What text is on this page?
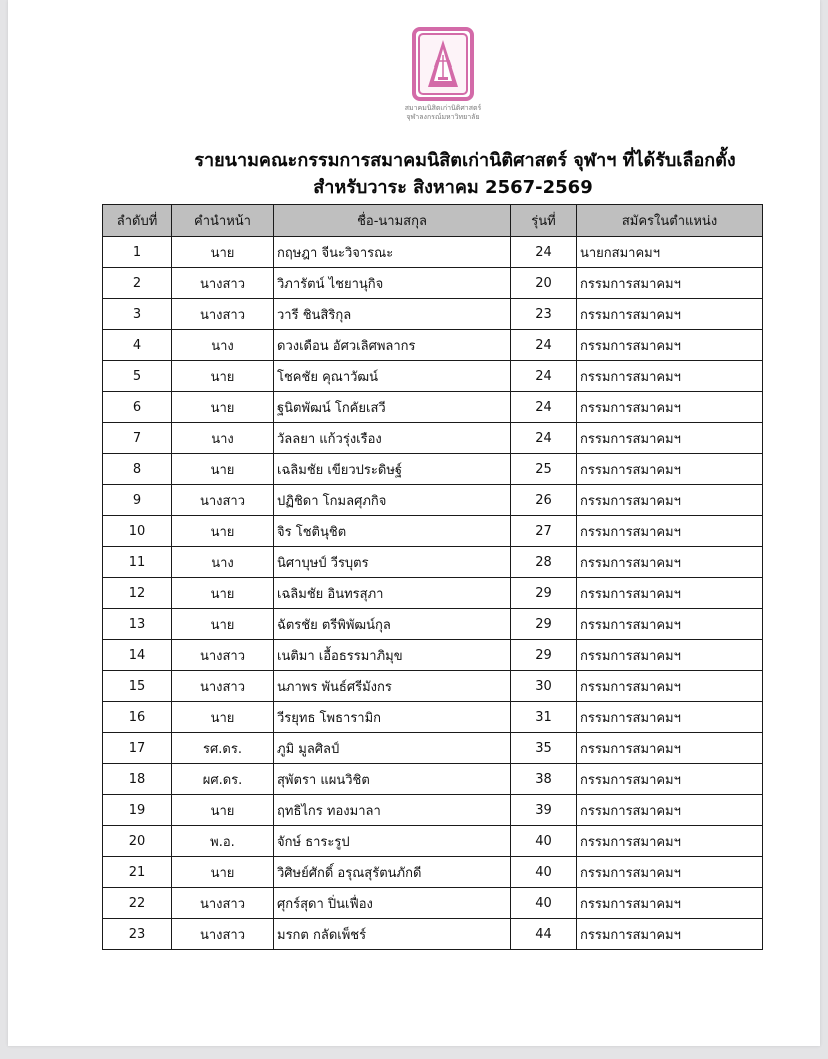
สมาคมนิสิตเก่านิติศาสตร์
จุฬาลงกรณ์มหาวิทยาลัย
รายนามคณะกรรมการสมาคมนิสิตเก่านิติศาสตร์ จุฬาฯ ที่ได้รับเลือกตั้ง
สำหรับวาระ สิงหาคม 2567-2569
ลำดับที่	คำนำหน้า	ชื่อ-นามสกุล	รุ่นที่	สมัครในตำแหน่ง
1	นาย	กฤษฎา จีนะวิจารณะ	24	นายกสมาคมฯ
2	นางสาว	วิภารัตน์ ไชยานุกิจ	20	กรรมการสมาคมฯ
3	นางสาว	วารี ชินสิริกุล	23	กรรมการสมาคมฯ
4	นาง	ดวงเดือน อัศวเลิศพลากร	24	กรรมการสมาคมฯ
5	นาย	โชคชัย คุณาวัฒน์	24	กรรมการสมาคมฯ
6	นาย	ฐนิตพัฒน์ โกคัยเสวี	24	กรรมการสมาคมฯ
7	นาง	วัลลยา แก้วรุ่งเรือง	24	กรรมการสมาคมฯ
8	นาย	เฉลิมชัย เขียวประดิษฐ์	25	กรรมการสมาคมฯ
9	นางสาว	ปฏิชิดา โกมลศุภกิจ	26	กรรมการสมาคมฯ
10	นาย	จิร โชตินุชิต	27	กรรมการสมาคมฯ
11	นาง	นิศาบุษป์ วีรบุตร	28	กรรมการสมาคมฯ
12	นาย	เฉลิมชัย อินทรสุภา	29	กรรมการสมาคมฯ
13	นาย	ฉัตรชัย ตรีพิพัฒน์กุล	29	กรรมการสมาคมฯ
14	นางสาว	เนติมา เอื้อธรรมาภิมุข	29	กรรมการสมาคมฯ
15	นางสาว	นภาพร พันธ์ศรีมังกร	30	กรรมการสมาคมฯ
16	นาย	วีรยุทธ โพธารามิก	31	กรรมการสมาคมฯ
17	รศ.ดร.	ภูมิ มูลศิลป์	35	กรรมการสมาคมฯ
18	ผศ.ดร.	สุพัตรา แผนวิชิต	38	กรรมการสมาคมฯ
19	นาย	ฤทธิไกร ทองมาลา	39	กรรมการสมาคมฯ
20	พ.อ.	จักษ์ ธาระรูป	40	กรรมการสมาคมฯ
21	นาย	วิศิษย์ศักดิ์ อรุณสุรัตนภักดี	40	กรรมการสมาคมฯ
22	นางสาว	ศุกร์สุดา ปิ่นเฟื่อง	40	กรรมการสมาคมฯ
23	นางสาว	มรกต กลัดเพ็ชร์	44	กรรมการสมาคมฯ
